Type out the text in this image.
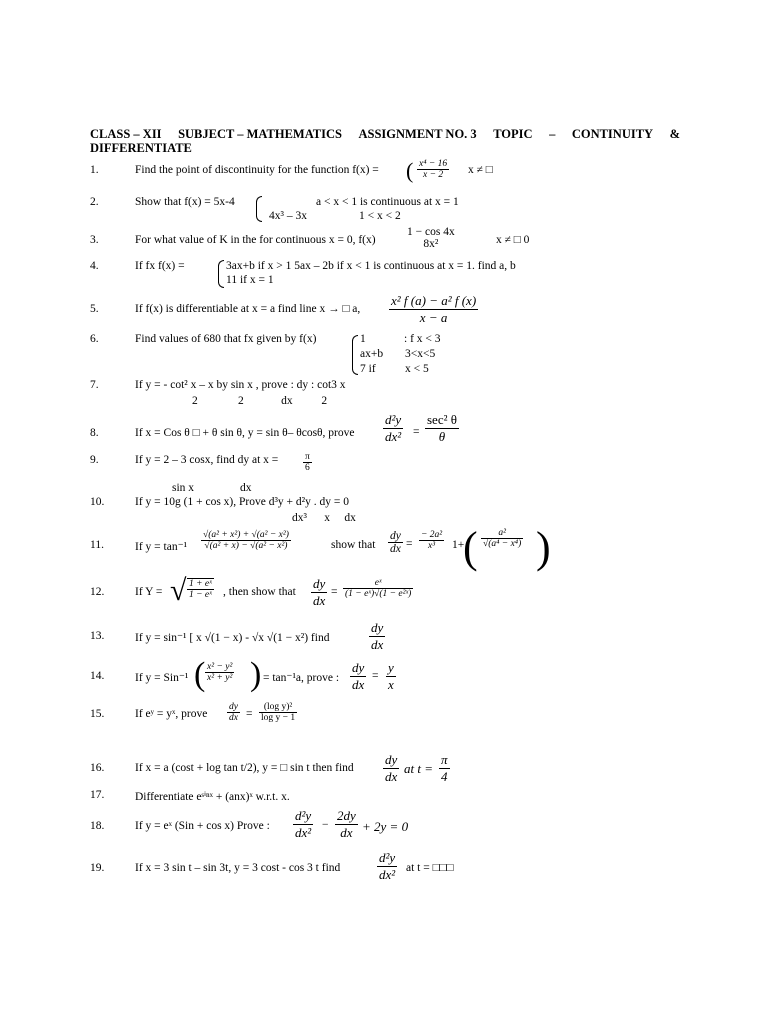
CLASS – XII SUBJECT – MATHEMATICS ASSIGNMENT NO. 3 TOPIC – CONTINUITY &
DIFFERENTIATE
1.	Find the point of discontinuity for the function f(x) = ( $\frac{\text{x⁴ − 16}}{x - 2}$ x ≠ □
2.	Show that f(x) = 5x-4	a < x < 1 is continuous at x = 1
4x³ – 3x	1 < x < 2
3.	For what value of K in the for continuous x = 0, f(x)
1 − cos 4x
8x²	x ≠ □ 0
4.	If fx f(x) =	3ax+b if x > 1 5ax – 2b if x < 1 is continuous at x = 1. find a, b
11 if x = 1
5.	If f(x) is differentiable at x = a find line x → □ a, $\frac{\text{x² f (a) − a² f (x)}}{x - a}$
6.	Find values of 680 that fx given by f(x)	1	: f x < 3
ax+b 3<x<5
7 if	x < 5
7.	If y = - cot² x – x by sin x , prove : dy : cot3 x
2              2             dx          2
8.	If x = Cos θ □ + θ sin θ, y = sin θ– θcosθ, prove $\frac{\text{d²y}}{\text{dx²}}$ =
sec² θ
θ
9.	If y = 2 – 3 cosx, find dy at x =	$\frac{\pi}{6}$
sin x                dx
10.	If y = 10g (1 + cos x), Prove d³y + d²y . dy = 0
dx³      x     dx
11.	If $y = \tan^{-1} \frac{\text{√(a² + x²) + √(a² − x²)}}{\text{√(a² + x) − √(a² − x²)}}$	show that $\frac{dy}{dx} = \frac{\text{− 2a²}}{\text{x³}} 1+$
( $\frac{\text{a²}}{\text{√(a⁴ − x⁴)}}$ )
12.	If Y = √ $\frac{\text{1 + eˣ}}{\text{1 − eˣ}}$ , then show that $\frac{dy}{dx} = \frac{\text{eˣ}}{\text{(1 − eˣ)√(1 − e²ˣ)}}$
13.	If y = sin⁻¹ [ x √(1 − x) - √x √(1 − x²) find	$\frac{dy}{dx}$
14.	If y = Sin⁻¹ ( $\frac{\text{x² − y²}}{\text{x² + y²}}$ ) = tan⁻¹a, prove : $\frac{dy}{dx} = \frac{y}{x}$
15.	If eʸ = yˣ, prove $\frac{dy}{dx} = \frac{\text{(log y)²}}{\text{log y − 1}}$
16.	If x = a (cost + log tan t/2), y = □ sin t then find $\frac{dy}{dx}$ at $t = \frac{\pi}{4}$
17.	Differentiate eˢⁱⁿˣ + (anx)ˣ w.r.t. x.
18.	If y = eˣ (Sin + cos x) Prove : $\frac{\text{d²y}}{\text{dx²}} - \frac{2dy}{dx} + 2y = 0$
19.	If x = 3 sin t – sin 3t, y = 3 cost - cos 3 t find	$\frac{\text{d²y}}{\text{dx²}}$ at t = □□□
